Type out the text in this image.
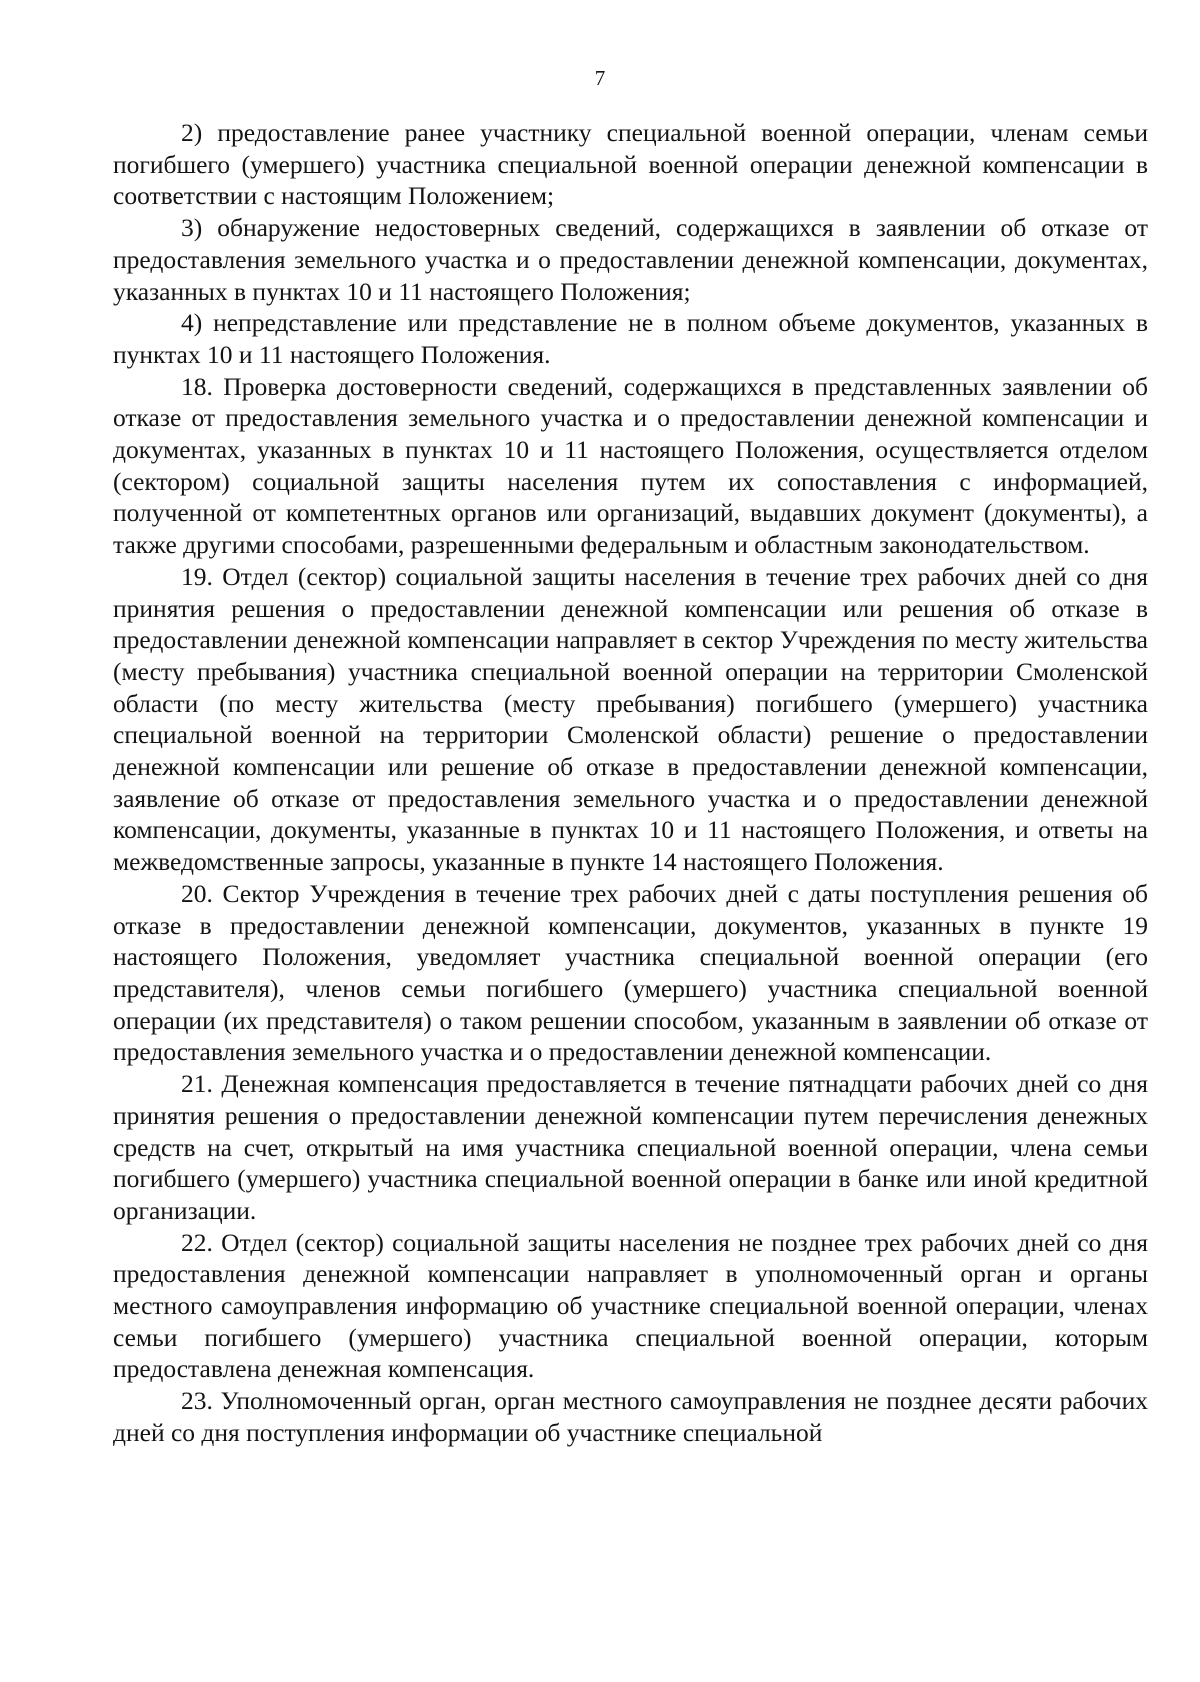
7

2) предоставление ранее участнику специальной военной операции, членам семьи погибшего (умершего) участника специальной военной операции денежной компенсации в соответствии с настоящим Положением;

3) обнаружение недостоверных сведений, содержащихся в заявлении об отказе от предоставления земельного участка и о предоставлении денежной компенсации, документах, указанных в пунктах 10 и 11 настоящего Положения;

4) непредставление или представление не в полном объеме документов, указанных в пунктах 10 и 11 настоящего Положения.

18. Проверка достоверности сведений, содержащихся в представленных заявлении об отказе от предоставления земельного участка и о предоставлении денежной компенсации и документах, указанных в пунктах 10 и 11 настоящего Положения, осуществляется отделом (сектором) социальной защиты населения путем их сопоставления с информацией, полученной от компетентных органов или организаций, выдавших документ (документы), а также другими способами, разрешенными федеральным и областным законодательством.

19. Отдел (сектор) социальной защиты населения в течение трех рабочих дней со дня принятия решения о предоставлении денежной компенсации или решения об отказе в предоставлении денежной компенсации направляет в сектор Учреждения по месту жительства (месту пребывания) участника специальной военной операции на территории Смоленской области (по месту жительства (месту пребывания) погибшего (умершего) участника специальной военной на территории Смоленской области) решение о предоставлении денежной компенсации или решение об отказе в предоставлении денежной компенсации, заявление об отказе от предоставления земельного участка и о предоставлении денежной компенсации, документы, указанные в пунктах 10 и 11 настоящего Положения, и ответы на межведомственные запросы, указанные в пункте 14 настоящего Положения.

20. Сектор Учреждения в течение трех рабочих дней с даты поступления решения об отказе в предоставлении денежной компенсации, документов, указанных в пункте 19 настоящего Положения, уведомляет участника специальной военной операции (его представителя), членов семьи погибшего (умершего) участника специальной военной операции (их представителя) о таком решении способом, указанным в заявлении об отказе от предоставления земельного участка и о предоставлении денежной компенсации.

21. Денежная компенсация предоставляется в течение пятнадцати рабочих дней со дня принятия решения о предоставлении денежной компенсации путем перечисления денежных средств на счет, открытый на имя участника специальной военной операции, члена семьи погибшего (умершего) участника специальной военной операции в банке или иной кредитной организации.

22. Отдел (сектор) социальной защиты населения не позднее трех рабочих дней со дня предоставления денежной компенсации направляет в уполномоченный орган и органы местного самоуправления информацию об участнике специальной военной операции, членах семьи погибшего (умершего) участника специальной военной операции, которым предоставлена денежная компенсация.

23. Уполномоченный орган, орган местного самоуправления не позднее десяти рабочих дней со дня поступления информации об участнике специальной
